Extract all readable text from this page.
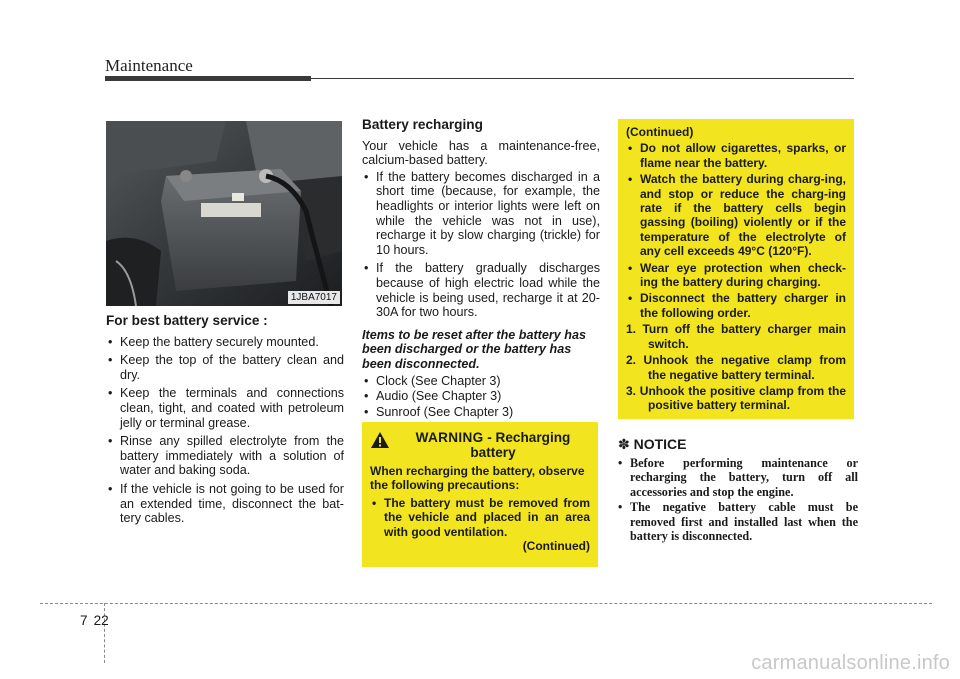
Maintenance
1JBA7017
For best battery service :
• Keep the battery securely mounted.
• Keep the top of the battery clean and dry.
• Keep the terminals and connections clean, tight, and coated with petroleum jelly or terminal grease.
• Rinse any spilled electrolyte from the battery immediately with a solution of water and baking soda.
• If the vehicle is not going to be used for an extended time, disconnect the bat-tery cables.
Battery recharging
Your vehicle has a maintenance-free, calcium-based battery.
• If the battery becomes discharged in a short time (because, for example, the headlights or interior lights were left on while the vehicle was not in use), recharge it by slow charging (trickle) for 10 hours.
• If the battery gradually discharges because of high electric load while the vehicle is being used, recharge it at 20-30A for two hours.
Items to be reset after the battery has been discharged or the battery has been disconnected.
• Clock (See Chapter 3)
• Audio (See Chapter 3)
• Sunroof (See Chapter 3)
WARNING - Recharging battery

When recharging the battery, observe the following precautions:

• The battery must be removed from the vehicle and placed in an area with good ventilation.
(Continued)

(Continued)

• Do not allow cigarettes, sparks, or flame near the battery.
• Watch the battery during charg-ing, and stop or reduce the charg-ing rate if the battery cells begin gassing (boiling) violently or if the temperature of the electrolyte of any cell exceeds 49°C (120°F).
• Wear eye protection when check-ing the battery during charging.
• Disconnect the battery charger in the following order.
1. Turn off the battery charger main switch.
2. Unhook the negative clamp from the negative battery terminal.
3. Unhook the positive clamp from the positive battery terminal.
✽ NOTICE
• Before performing maintenance or recharging the battery, turn off all accessories and stop the engine.
• The negative battery cable must be removed first and installed last when the battery is disconnected.
7 22
carmanualsonline.info
